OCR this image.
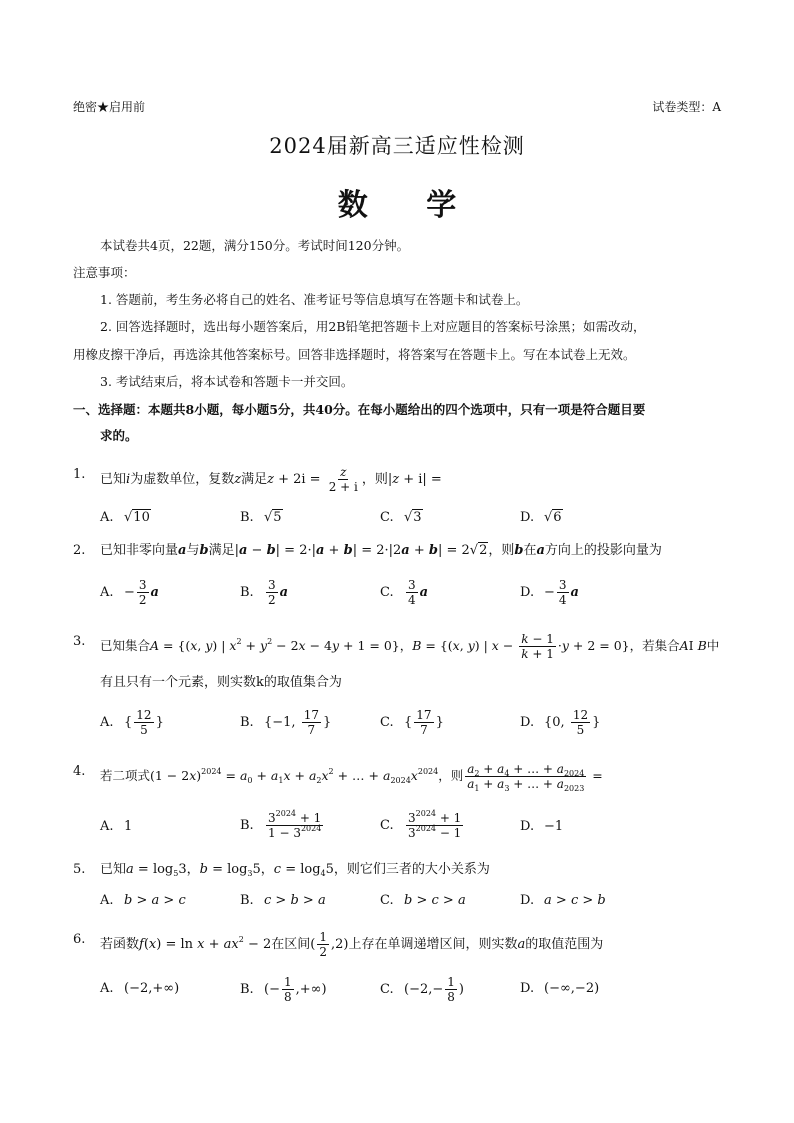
绝密★启用前	试卷类型：A
2024届新高三适应性检测
数 学
本试卷共4页，22题，满分150分。考试时间120分钟。
注意事项：
1. 答题前，考生务必将自己的姓名、准考证号等信息填写在答题卡和试卷上。
2. 回答选择题时，选出每小题答案后，用2B铅笔把答题卡上对应题目的答案标号涂黑；如需改动，
用橡皮擦干净后，再选涂其他答案标号。回答非选择题时，将答案写在答题卡上。写在本试卷上无效。
3. 考试结束后，将本试卷和答题卡一并交回。
一、选择题：本题共8小题，每小题5分，共40分。在每小题给出的四个选项中，只有一项是符合题目要
求的。
1. 已知i为虚数单位，复数z满足$z + 2i = \frac{z}{2 + i}$ ，则|z + i| =
A. √10	B. √5	C. √3	D. √6
2. 已知非零向量a与b满足|a − b| = 2·|a + b| = 2·|2a + b| = 2√2，则b在a方向上的投影向量为
A. − $\frac{3}{2}$ a	B. $\frac{3}{2}$ a	C. $\frac{3}{4}$ a	D. − $\frac{3}{4}$ a
3. 已知集合A = {(x, y) | $x^2 + y^2 - 2x - 4y + 1 = 0$}，B = {(x, y) | $x - \frac{k - 1}{k + 1} \cdot y + 2 = 0$}，若集合AI B中
有且只有一个元素，则实数k的取值集合为
A. { $\frac{12}{5}$ }	B. {−1, $\frac{17}{7}$ }	C. { $\frac{17}{7}$ }	D. {0, $\frac{12}{5}$ }
4. 若二项式$(1 - 2x)^{2024} = a_0 + a_1x + a_2x^2$ + … + $a_{2024}x^{2024}$，则 $\frac{a_2 + a_4 + \dots + a_{2024}}{a_1 + a_3 + \dots + a_{2023}}$ =
A. 1	B. $\frac{3^{2024} + 1}{1 - 3^{2024}}$	C. $\frac{3^{2024} + 1}{3^{2024} - 1}$	D. −1
5. 已知$a = \log_53$，$b = \log_35$，$c = \log_45$，则它们三者的大小关系为
A. b > a > c	B. c > b > a	C. b > c > a	D. a > c > b
6. 若函数$f(x) = \ln x + ax^2 - 2$在区间( $\frac{1}{2} ,2$)上存在单调递增区间，则实数a的取值范围为
A. (−2,+∞)	B. (− $\frac{1}{8}$ ,+∞)	C. ($-2,- \frac{1}{8}$ )	D. (−∞,−2)
